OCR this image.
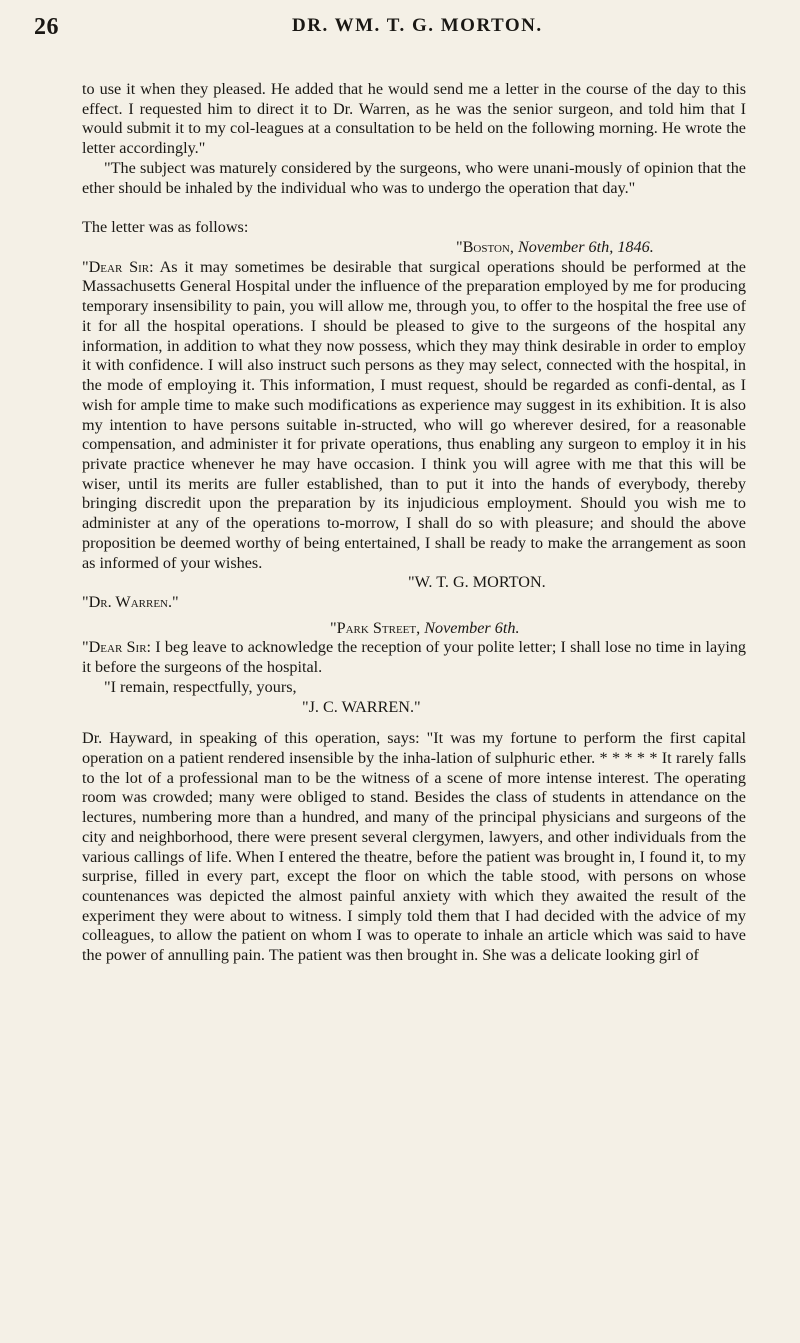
26	DR. WM. T. G. MORTON.

to use it when they pleased. He added that he would send me a letter in the course of the day to this effect. I requested him to direct it to Dr. Warren, as he was the senior surgeon, and told him that I would submit it to my col-leagues at a consultation to be held on the following morning. He wrote the letter accordingly."

"The subject was maturely considered by the surgeons, who were unani-mously of opinion that the ether should be inhaled by the individual who was to undergo the operation that day."

The letter was as follows:

"Boston, November 6th, 1846.

"Dear Sir: As it may sometimes be desirable that surgical operations should be performed at the Massachusetts General Hospital under the influence of the preparation employed by me for producing temporary insensibility to pain, you will allow me, through you, to offer to the hospital the free use of it for all the hospital operations. I should be pleased to give to the surgeons of the hospital any information, in addition to what they now possess, which they may think desirable in order to employ it with confidence. I will also instruct such persons as they may select, connected with the hospital, in the mode of employing it. This information, I must request, should be regarded as confi-dental, as I wish for ample time to make such modifications as experience may suggest in its exhibition. It is also my intention to have persons suitable in-structed, who will go wherever desired, for a reasonable compensation, and administer it for private operations, thus enabling any surgeon to employ it in his private practice whenever he may have occasion. I think you will agree with me that this will be wiser, until its merits are fuller established, than to put it into the hands of everybody, thereby bringing discredit upon the preparation by its injudicious employment. Should you wish me to administer at any of the operations to-morrow, I shall do so with pleasure; and should the above proposition be deemed worthy of being entertained, I shall be ready to make the arrangement as soon as informed of your wishes.

"W. T. G. MORTON.

"Dr. Warren."

"Park Street, November 6th.

"Dear Sir: I beg leave to acknowledge the reception of your polite letter; I shall lose no time in laying it before the surgeons of the hospital.

"I remain, respectfully, yours,

"J. C. WARREN."

Dr. Hayward, in speaking of this operation, says: "It was my fortune to perform the first capital operation on a patient rendered insensible by the inha-lation of sulphuric ether. * * * * * It rarely falls to the lot of a professional man to be the witness of a scene of more intense interest. The operating room was crowded; many were obliged to stand. Besides the class of students in attendance on the lectures, numbering more than a hundred, and many of the principal physicians and surgeons of the city and neighborhood, there were present several clergymen, lawyers, and other individuals from the various callings of life. When I entered the theatre, before the patient was brought in, I found it, to my surprise, filled in every part, except the floor on which the table stood, with persons on whose countenances was depicted the almost painful anxiety with which they awaited the result of the experiment they were about to witness. I simply told them that I had decided with the advice of my colleagues, to allow the patient on whom I was to operate to inhale an article which was said to have the power of annulling pain. The patient was then brought in. She was a delicate looking girl of
